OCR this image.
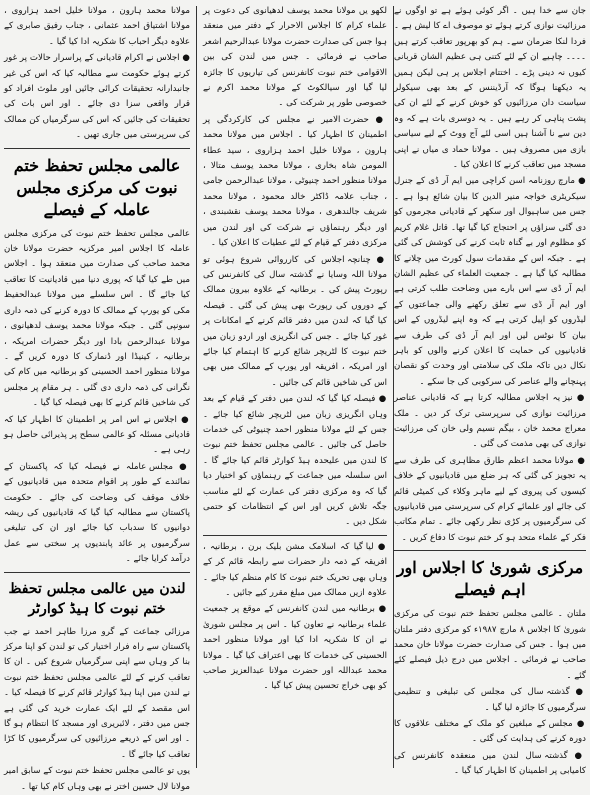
جان سے خدا ہیں ۔ اگر کوئی ہوئے ہے تو اوگوں نے مرزائیت نوازی کرتے ہوئے تو موصوف اے کا لیش ہے ۔ فردا لنکا ضرمان سے۔ ہم کو بھرپور تعاقب کرتے ہیں ۔۔۔۔ چاہیے ان کے لئے کتنی ہی عظیم الشان قربانی کیوں نہ دینی پڑے ۔ اختتام اجلاس پر ہی لیکن ہمیں یہ دیکھنا ہوگا کہ آرڈیننس کے بعد بھی سیکولر سیاست دان مرزائیوں کو خوش کرنے کے لئے ان کی پشت پناہی کر رہے ہیں ۔ یہ دوسری بات ہے کہ وہ دین سے نا آشنا ہیں اسی لئے آج ووٹ کے لیے سیاسی بازی میں مصروف ہیں ۔ مولانا حماد ی میاں نے اپنی مسجد میں تعاقب کرنے کا اعلان کیا ۔

● مارچ روزنامہ اسن کراچی میں ایم آر ڈی کے جنرل سیکریٹری خواجہ منیر الدین کا بیان شائع ہوا ہے ۔ جس میں ساہیوال اور سکھر کے قادیانی مجرموں کو دی گئی سزاؤں پر احتجاج کیا گیا تھا۔ قاتل غلام کریم کو مظلوم اور بے گناہ ثابت کرنے کی کوشش کی گئی ہے ۔ جبکہ اس کے مقدمات سول کورٹ میں چلانے کا مطالبہ کیا گیا ہے ۔ جمعیت العلماء کی عظیم الشان ایم آر ڈی سے اس بارے میں وضاحت طلب کرتی ہے اور ایم آر ڈی سے تعلق رکھنے والی جماعتوں کے لیڈروں کو اپیل کرتی ہے کہ وہ اپنے لیڈروں کے اس بیان کا نوٹس لیں اور ایم آر ڈی کی طرف سے قادیانیوں کی حمایت کا اعلان کرنے والوں کو باہر نکال دیں تاکہ ملک کی سلامتی اور وحدت کو نقصان پہنچانے والے عناصر کی سرکوبی کی جا سکے ۔

● نیز یہ اجلاس مطالبہ کرتا ہے کہ قادیانی عناصر مرزائیت نوازی کی سرپرستی ترک کر دیں ۔ ملک معراج محمد خان ، بیگم نسیم ولی خان کی مرزائیت نوازی کی بھی مذمت کی گئی ۔

● مولانا محمد اعظم طارق مظاہری کی طرف سے یہ تجویز کی گئی کہ ہر ضلع میں قادیانیوں کے خلاف کیسوں کی پیروی کے لیے ماہر وکلاء کی کمیٹی قائم کی جائے اور علمائے کرام کی سرپرستی میں قادیانیوں کی سرگرمیوں پر کڑی نظر رکھی جائے ۔ تمام مکاتب فکر کے علماء متحد ہو کر ختم نبوت کا دفاع کریں ۔

مرکزی شوریٰ کا اجلاس اور اہم فیصلے

ملتان ۔ عالمی مجلس تحفظ ختم نبوت کی مرکزی شوریٰ کا اجلاس ۸ مارچ ۱۹۸۷ء کو مرکزی دفتر ملتان میں ہوا ۔ جس کی صدارت حضرت مولانا خان محمد صاحب نے فرمائی ۔ اجلاس میں درج ذیل فیصلے کئے گئے ۔

● گذشتہ سال کی مجلس کی تبلیغی و تنظیمی سرگرمیوں کا جائزہ لیا گیا ۔

● مجلس کے مبلغین کو ملک کے مختلف علاقوں کا دورہ کرنے کی ہدایت کی گئی ۔

● گذشتہ سال لندن میں منعقدہ کانفرنس کی کامیابی پر اطمینان کا اظہار کیا گیا ۔

لکھو یں مولانا محمد یوسف لدھیانوی کی دعوت پر علماء کرام کا اجلاس الاحرار کے دفتر میں منعقد ہوا جس کی صدارت حضرت مولانا عبدالرحیم اشعر صاحب نے فرمائی ۔ جس میں لندن کی بین الاقوامی ختم نبوت کانفرنس کی تیاریوں کا جائزہ لیا گیا اور سیالکوٹ کے مولانا محمد اکرم نے خصوصی طور پر شرکت کی ۔

● حضرت الامیر نے مجلس کی کارکردگی پر اطمینان کا اظہار کیا ۔ اجلاس میں مولانا محمد ہارون ، مولانا خلیل احمد ہزاروی ، سید عطاء المومن شاہ بخاری ، مولانا محمد یوسف متالا ، مولانا منظور احمد چنیوٹی ، مولانا عبدالرحمن جامی ، جناب علامہ ڈاکٹر خالد محمود ، مولانا محمد شریف جالندھری ، مولانا محمد یوسف نقشبندی ، اور دیگر رہنماؤں نے شرکت کی اور لندن میں مرکزی دفتر کے قیام کے لئے عطیات کا اعلان کیا ۔

● چنانچہ اجلاس کی کارروائی شروع ہوئی تو مولانا اللہ وسایا نے گذشتہ سال کی کانفرنس کی رپورٹ پیش کی ۔ برطانیہ کے علاوہ بیرون ممالک کے دوروں کی رپورٹ بھی پیش کی گئی ۔ فیصلہ کیا گیا کہ لندن میں دفتر قائم کرنے کے امکانات پر غور کیا جائے ۔ جس کی انگریزی اور اردو زبان میں ختم نبوت کا لٹریچر شائع کرنے کا اہتمام کیا جائے اور امریکہ ، افریقہ اور یورپ کے ممالک میں بھی اس کی شاخیں قائم کی جائیں ۔

● فیصلہ کیا گیا کہ لندن میں دفتر کے قیام کے بعد وہاں انگریزی زبان میں لٹریچر شائع کیا جائے ۔ جس کے لئے مولانا منظور احمد چنیوٹی کی خدمات حاصل کی جائیں ۔ عالمی مجلس تحفظ ختم نبوت کا لندن میں علیحدہ ہیڈ کوارٹر قائم کیا جائے گا ۔ اس سلسلہ میں جماعت کے رہنماؤں کو اختیار دیا گیا کہ وہ مرکزی دفتر کی عمارت کے لئے مناسب جگہ تلاش کریں اور اس کے انتظامات کو حتمی شکل دیں ۔

● لیا گیا کہ اسلامک مشن بلیک برن ، برطانیہ ، افریقہ کے ذمہ دار حضرات سے رابطہ قائم کر کے وہاں بھی تحریک ختم نبوت کا کام منظم کیا جائے ۔ علاوہ ازیں ممالک میں مبلغ مقرر کیے جائیں ۔

● برطانیہ میں لندن کانفرنس کے موقع پر جمعیت علماء برطانیہ نے تعاون کیا ۔ اس پر مجلس شوریٰ نے ان کا شکریہ ادا کیا اور مولانا منظور احمد الحسینی کی خدمات کا بھی اعتراف کیا گیا ۔ مولانا محمد عبداللہ اور حضرت مولانا عبدالعزیز صاحب کو بھی خراج تحسین پیش کیا گیا ۔

مولانا محمد ہارون ، مولانا خلیل احمد ہزاروی ، مولانا اشتیاق احمد عثمانی ، جناب رفیق صابری کے علاوہ دیگر احباب کا شکریہ ادا کیا گیا ۔

● اجلاس نے اکرام قادیانی کے پراسرار حالات پر غور کرتے ہوئے حکومت سے مطالبہ کیا کہ اس کی غیر جانبدارانہ تحقیقات کرائی جائیں اور ملوث افراد کو قرار واقعی سزا دی جائے ۔ اور اس بات کی تحقیقات کی جائیں کہ اس کی سرگرمیاں کن ممالک کی سرپرستی میں جاری تھیں ۔

عالمی مجلس تحفظ ختم نبوت کی مرکزی مجلس عاملہ کے فیصلے

عالمی مجلس تحفظ ختم نبوت کی مرکزی مجلس عاملہ کا اجلاس امیر مرکزیہ حضرت مولانا خان محمد صاحب کی صدارت میں منعقد ہوا ۔ اجلاس میں طے کیا گیا کہ پوری دنیا میں قادیانیت کا تعاقب کیا جائے گا ۔ اس سلسلے میں مولانا عبدالحفیظ مکی کو یورپ کے ممالک کا دورہ کرنے کی ذمہ داری سونپی گئی ۔ جبکہ مولانا محمد یوسف لدھیانوی ، مولانا عبدالرحمن بادا اور دیگر حضرات امریکہ ، برطانیہ ، کینیڈا اور ڈنمارک کا دورہ کریں گے ۔ مولانا منظور احمد الحسینی کو برطانیہ میں کام کی نگرانی کی ذمہ داری دی گئی ۔ ہر مقام پر مجلس کی شاخیں قائم کرنے کا بھی فیصلہ کیا گیا ۔

● اجلاس نے اس امر پر اطمینان کا اظہار کیا کہ قادیانی مسئلہ کو عالمی سطح پر پذیرائی حاصل ہو رہی ہے ۔

● مجلس عاملہ نے فیصلہ کیا کہ پاکستان کے نمائندے کے طور پر اقوام متحدہ میں قادیانیوں کے خلاف موقف کی وضاحت کی جائے ۔ حکومت پاکستان سے مطالبہ کیا گیا کہ قادیانیوں کی ریشہ دوانیوں کا سدباب کیا جائے اور ان کی تبلیغی سرگرمیوں پر عائد پابندیوں پر سختی سے عمل درآمد کرایا جائے ۔

لندن میں عالمی مجلس تحفظ ختم نبوت کا ہیڈ کوارٹر

مرزائی جماعت کے گرو مرزا طاہر احمد نے جب پاکستان سے راہ فرار اختیار کی تو لندن کو اپنا مرکز بنا کر وہاں سے اپنی سرگرمیاں شروع کیں ۔ ان کا تعاقب کرنے کے لئے عالمی مجلس تحفظ ختم نبوت نے لندن میں اپنا ہیڈ کوارٹر قائم کرنے کا فیصلہ کیا ۔ اس مقصد کے لئے ایک عمارت خرید کی گئی ہے جس میں دفتر ، لائبریری اور مسجد کا انتظام ہو گا ۔ اور اس کے ذریعے مرزائیوں کی سرگرمیوں کا کڑا تعاقب کیا جائے گا ۔

یوں تو عالمی مجلس تحفظ ختم نبوت کے سابق امیر مولانا لال حسین اختر نے بھی وہاں کام کیا تھا ۔
